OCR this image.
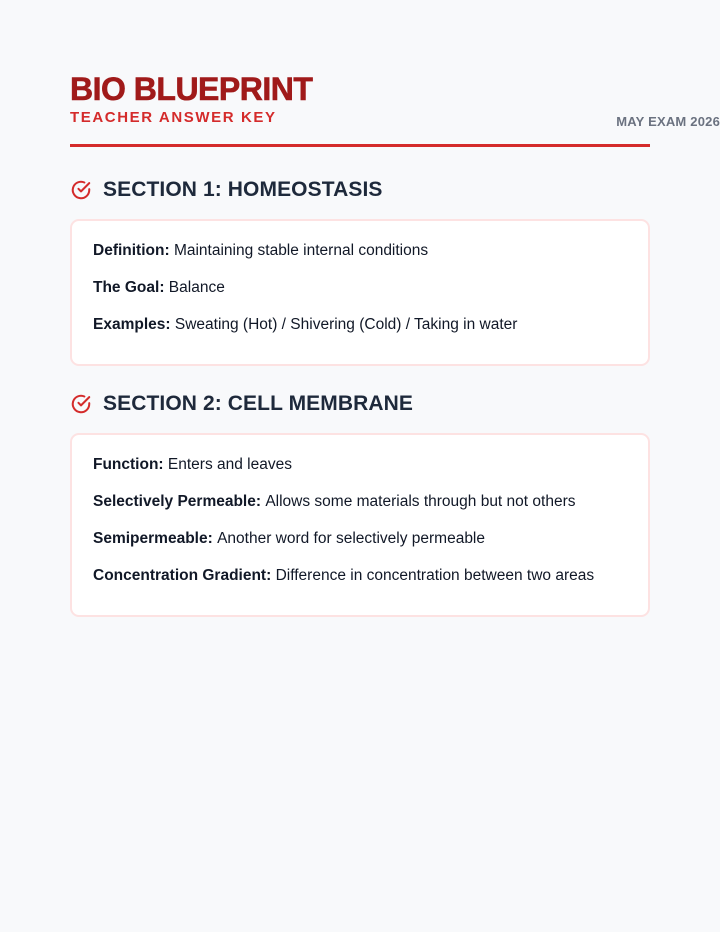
BIO BLUEPRINT
TEACHER ANSWER KEY	MAY EXAM 2026
SECTION 1: HOMEOSTASIS
Definition: Maintaining stable internal conditions
The Goal: Balance
Examples: Sweating (Hot) / Shivering (Cold) / Taking in water
SECTION 2: CELL MEMBRANE
Function: Enters and leaves
Selectively Permeable: Allows some materials through but not others
Semipermeable: Another word for selectively permeable
Concentration Gradient: Difference in concentration between two areas
